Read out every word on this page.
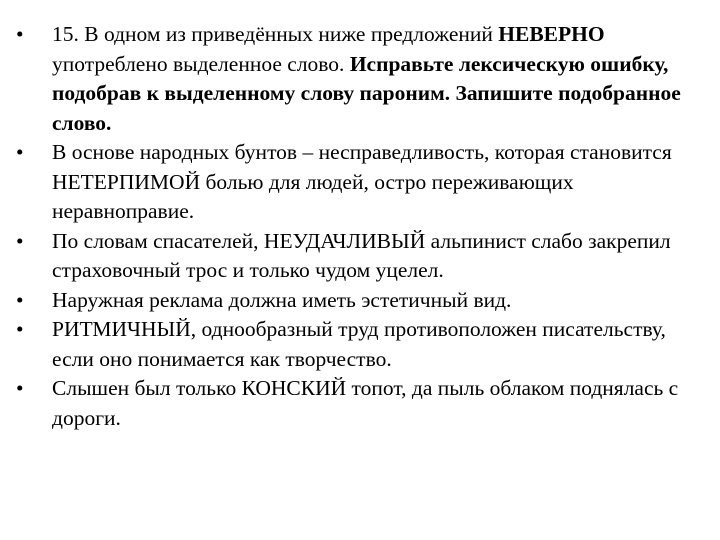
•	15. В одном из приведённых ниже предложений НЕВЕРНО употреблено выделенное слово. Исправьте лексическую ошибку, подобрав к выделенному слову пароним. Запишите подобранное слово.
•	В основе народных бунтов – несправедливость, которая становится НЕТЕРПИМОЙ болью для людей, остро переживающих неравноправие.
•	По словам спасателей, НЕУДАЧЛИВЫЙ альпинист слабо закрепил страховочный трос и только чудом уцелел.
•	Наружная реклама должна иметь эстетичный вид.
•	РИТМИЧНЫЙ, однообразный труд противоположен писательству, если оно понимается как творчество.
•	Слышен был только КОНСКИЙ топот, да пыль облаком поднялась с дороги.
